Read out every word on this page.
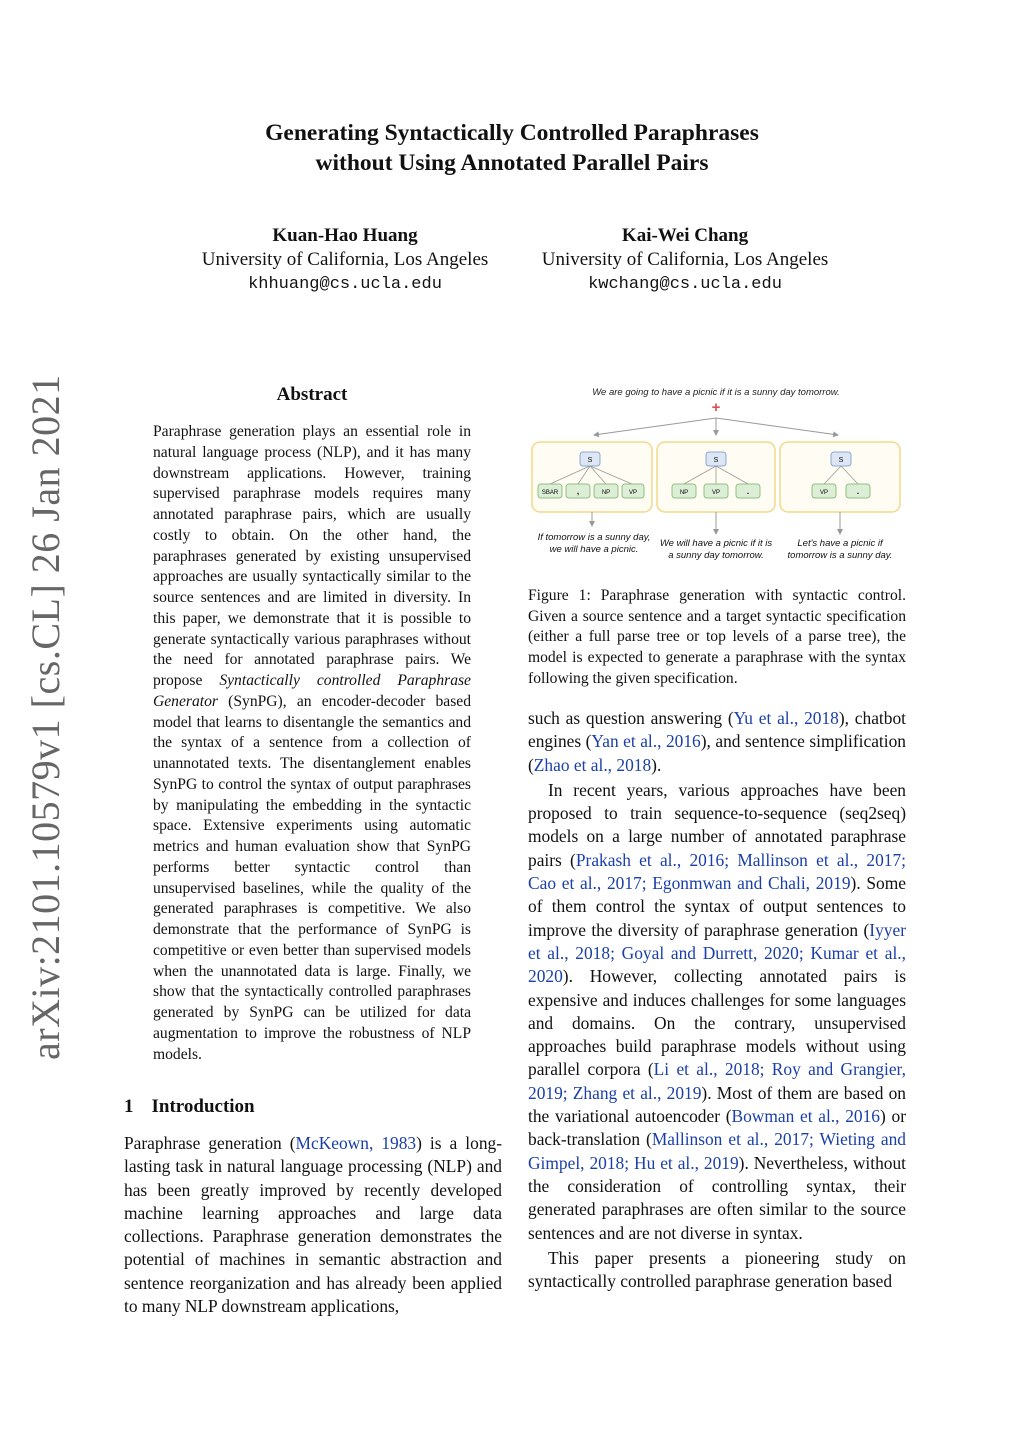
arXiv:2101.10579v1 [cs.CL] 26 Jan 2021
Generating Syntactically Controlled Paraphrases
without Using Annotated Parallel Pairs
Kuan-Hao Huang
University of California, Los Angeles
khhuang@cs.ucla.edu
Kai-Wei Chang
University of California, Los Angeles
kwchang@cs.ucla.edu
Abstract
Paraphrase generation plays an essential role in natural language process (NLP), and it has many downstream applications. However, training supervised paraphrase models requires many annotated paraphrase pairs, which are usually costly to obtain. On the other hand, the paraphrases generated by existing unsupervised approaches are usually syntactically similar to the source sentences and are limited in diversity. In this paper, we demonstrate that it is possible to generate syntactically various paraphrases without the need for annotated paraphrase pairs. We propose Syntactically controlled Paraphrase Generator (SynPG), an encoder-decoder based model that learns to disentangle the semantics and the syntax of a sentence from a collection of unannotated texts. The disentanglement enables SynPG to control the syntax of output paraphrases by manipulating the embedding in the syntactic space. Extensive experiments using automatic metrics and human evaluation show that SynPG performs better syntactic control than unsupervised baselines, while the quality of the generated paraphrases is competitive. We also demonstrate that the performance of SynPG is competitive or even better than supervised models when the unannotated data is large. Finally, we show that the syntactically controlled paraphrases generated by SynPG can be utilized for data augmentation to improve the robustness of NLP models.
1 Introduction
Paraphrase generation (McKeown, 1983) is a long-lasting task in natural language processing (NLP) and has been greatly improved by recently developed machine learning approaches and large data collections. Paraphrase generation demonstrates the potential of machines in semantic abstraction and sentence reorganization and has already been applied to many NLP downstream applications,
We are going to have a picnic if it is a sunny day tomorrow.
+
S
SBAR ,	NP	VP
S
NP	VP	.
S
VP	.
If tomorrow is a sunny day, we will have a picnic.	We will have a picnic if it is a sunny day tomorrow.
Let's have a picnic if tomorrow is a sunny day.
Figure 1: Paraphrase generation with syntactic control. Given a source sentence and a target syntactic specification (either a full parse tree or top levels of a parse tree), the model is expected to generate a paraphrase with the syntax following the given specification.

such as question answering (Yu et al., 2018), chatbot engines (Yan et al., 2016), and sentence simplification (Zhao et al., 2018).

In recent years, various approaches have been proposed to train sequence-to-sequence (seq2seq) models on a large number of annotated paraphrase pairs (Prakash et al., 2016; Mallinson et al., 2017; Cao et al., 2017; Egonmwan and Chali, 2019). Some of them control the syntax of output sentences to improve the diversity of paraphrase generation (Iyyer et al., 2018; Goyal and Durrett, 2020; Kumar et al., 2020). However, collecting annotated pairs is expensive and induces challenges for some languages and domains. On the contrary, unsupervised approaches build paraphrase models without using parallel corpora (Li et al., 2018; Roy and Grangier, 2019; Zhang et al., 2019). Most of them are based on the variational autoencoder (Bowman et al., 2016) or back-translation (Mallinson et al., 2017; Wieting and Gimpel, 2018; Hu et al., 2019). Nevertheless, without the consideration of controlling syntax, their generated paraphrases are often similar to the source sentences and are not diverse in syntax.

This paper presents a pioneering study on syntactically controlled paraphrase generation based
